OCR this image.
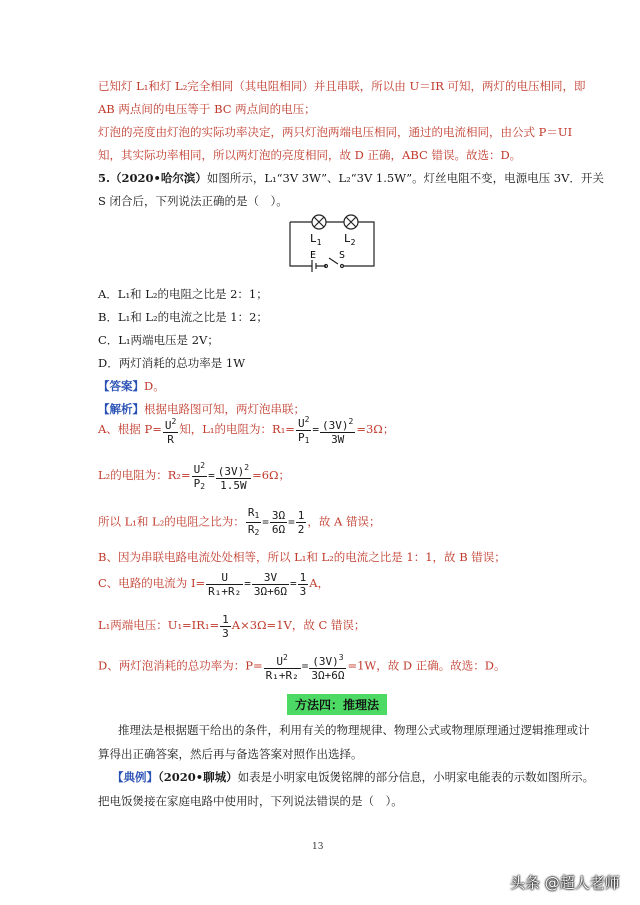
已知灯 L₁和灯 L₂完全相同（其电阻相同）并且串联，所以由 U＝IR 可知，两灯的电压相同，即
AB 两点间的电压等于 BC 两点间的电压；
灯泡的亮度由灯泡的实际功率决定，两只灯泡两端电压相同，通过的电流相同，由公式 P＝UI
知，其实际功率相同，所以两灯泡的亮度相同，故 D 正确，ABC 错误。故选：D。
5.（2020•哈尔滨）如图所示，L₁“3V 3W”、L₂“3V 1.5W”。灯丝电阻不变，电源电压 3V．开关
S 闭合后，下列说法正确的是（　）。
$L_1$ $L_2$
E S
A．L₁和 L₂的电阻之比是 2：1；
B．L₁和 L₂的电流之比是 1：2；
C．L₁两端电压是 2V；
D．两灯消耗的总功率是 1W
【答案】D。
【解析】根据电路图可知，两灯泡串联；
A、根据 $P= \frac{U^2}{R}$ 知，L₁的电阻为：$R_1= \frac{U^2}{P_1} = \frac{(3V)^2}{3W} =3\Omega$；
L₂的电阻为：$R_2= \frac{U^2}{P_2} = \frac{(3V)^2}{1.5W} =6\Omega$；
所以 L₁和 L₂的电阻之比为： $\frac{R_1}{R_2} = \frac{3\Omega}{6\Omega} = \frac{1}{2}$ ，故 A 错误；
B、因为串联电路电流处处相等，所以 L₁和 L₂的电流之比是 1：1，故 B 错误；
C、电路的电流为 $I= \frac{U}{\text{R₁+R₂}} = \frac{3V}{3\Omega+6\Omega} = \frac{1}{3}$ A，
L₁两端电压：$U_1=IR_1= \frac{1}{3} A\times 3\Omega=1V$，故 C 错误；
D、两灯泡消耗的总功率为：$P= \frac{U^2}{\text{R₁+R₂}} = \frac{(3V)^3}{3\Omega+6\Omega} =1W$，故 D 正确。故选：D。
方法四：推理法
推理法是根据题干给出的条件，利用有关的物理规律、物理公式或物理原理通过逻辑推理或计
算得出正确答案，然后再与备选答案对照作出选择。
【典例】（2020•聊城）如表是小明家电饭煲铭牌的部分信息，小明家电能表的示数如图所示。
把电饭煲接在家庭电路中使用时，下列说法错误的是（　）。
13
头条 @超人老师
